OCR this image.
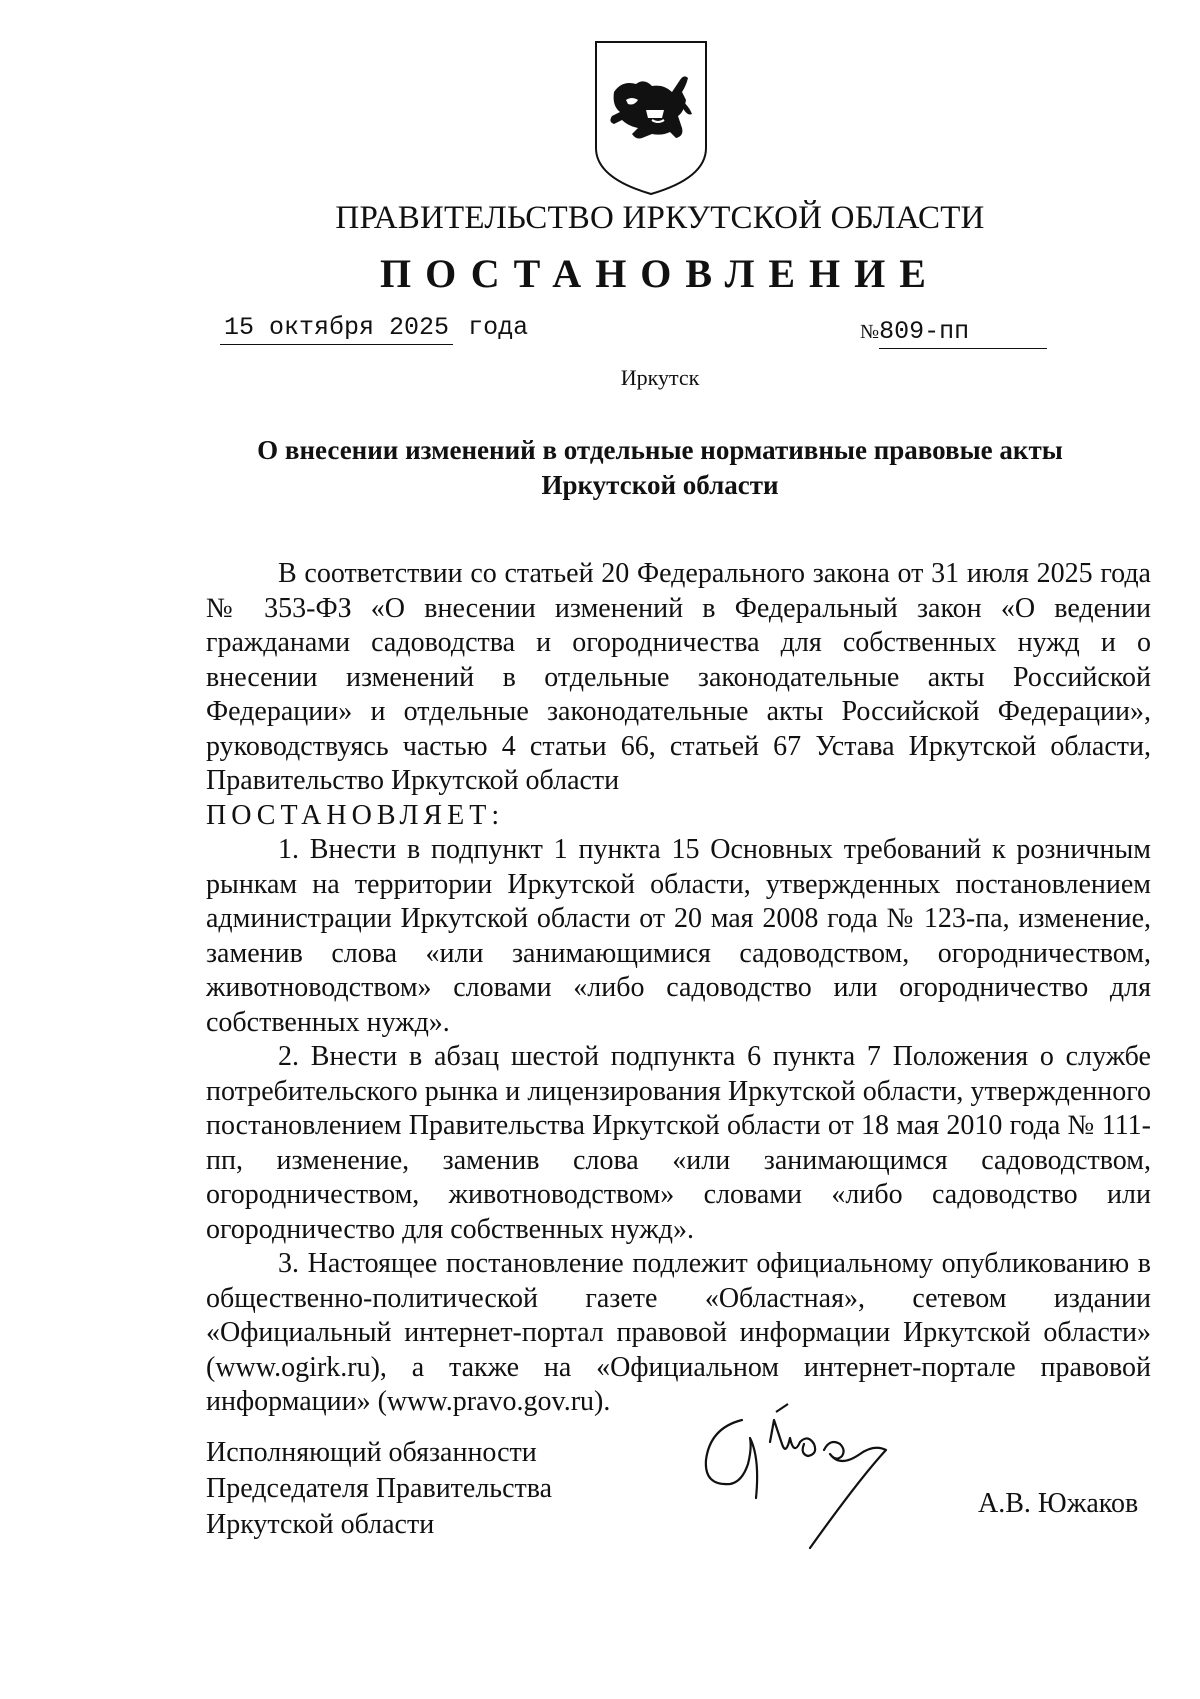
ПРАВИТЕЛЬСТВО ИРКУТСКОЙ ОБЛАСТИ
ПОСТАНОВЛЕНИЕ
15 октября 2025 года	№809-пп
Иркутск
О внесении изменений в отдельные нормативные правовые акты
Иркутской области

В соответствии со статьей 20 Федерального закона от 31 июля 2025 года № 353-ФЗ «О внесении изменений в Федеральный закон «О ведении гражданами садоводства и огородничества для собственных нужд и о внесении изменений в отдельные законодательные акты Российской Федерации» и отдельные законодательные акты Российской Федерации», руководствуясь частью 4 статьи 66, статьей 67 Устава Иркутской области, Правительство Иркутской области

ПОСТАНОВЛЯЕТ:

1. Внести в подпункт 1 пункта 15 Основных требований к розничным рынкам на территории Иркутской области, утвержденных постановлением администрации Иркутской области от 20 мая 2008 года № 123-па, изменение, заменив слова «или занимающимися садоводством, огородничеством, животноводством» словами «либо садоводство или огородничество для собственных нужд».

2. Внести в абзац шестой подпункта 6 пункта 7 Положения о службе потребительского рынка и лицензирования Иркутской области, утвержденного постановлением Правительства Иркутской области от 18 мая 2010 года № 111-пп, изменение, заменив слова «или занимающимся садоводством, огородничеством, животноводством» словами «либо садоводство или огородничество для собственных нужд».

3. Настоящее постановление подлежит официальному опубликованию в общественно-политической газете «Областная», сетевом издании «Официальный интернет-портал правовой информации Иркутской области» (www.ogirk.ru), а также на «Официальном интернет-портале правовой информации» (www.pravo.gov.ru).

Исполняющий обязанности
Председателя Правительства
Иркутской области
А.В. Южаков
